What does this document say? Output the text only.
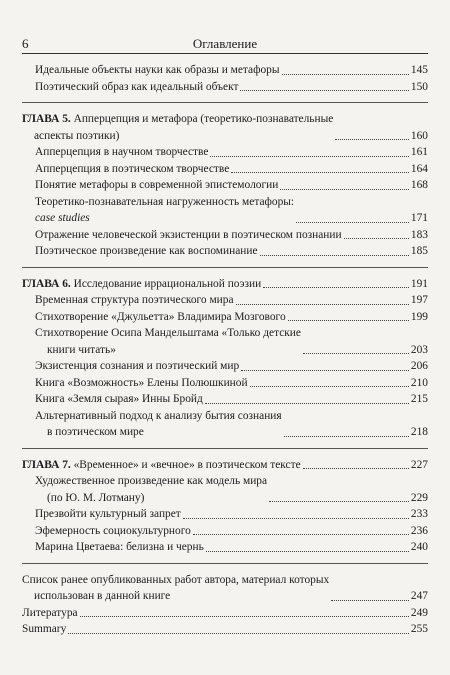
6	Оглавление
Идеальные объекты науки как образы и метафоры	145
Поэтический образ как идеальный объект	150
ГЛАВА 5. Апперцепция и метафора (теоретико-познавательные
аспекты поэтики)	160
Апперцепция в научном творчестве	161
Апперцепция в поэтическом творчестве	164
Понятие метафоры в современной эпистемологии	168
Теоретико-познавательная нагруженность метафоры:
case studies	171
Отражение человеческой экзистенции в поэтическом познании	183
Поэтическое произведение как воспоминание	185
ГЛАВА 6. Исследование иррациональной поэзии	191
Временная структура поэтического мира	197
Стихотворение «Джульетта» Владимира Мозгового	199
Стихотворение Осипа Мандельштама «Только детские
книги читать»	203
Экзистенция сознания и поэтический мир	206
Книга «Возможность» Елены Полюшкиной	210
Книга «Земля сырая» Инны Бройд	215
Альтернативный подход к анализу бытия сознания
в поэтическом мире	218
ГЛАВА 7. «Временное» и «вечное» в поэтическом тексте	227
Художественное произведение как модель мира
(по Ю. М. Лотману)	229
Презвойти культурный запрет	233
Эфемерность социокультурного	236
Марина Цветаева: белизна и чернь	240
Список ранее опубликованных работ автора, материал которых
использован в данной книге	247
Литература	249
Summary	255
